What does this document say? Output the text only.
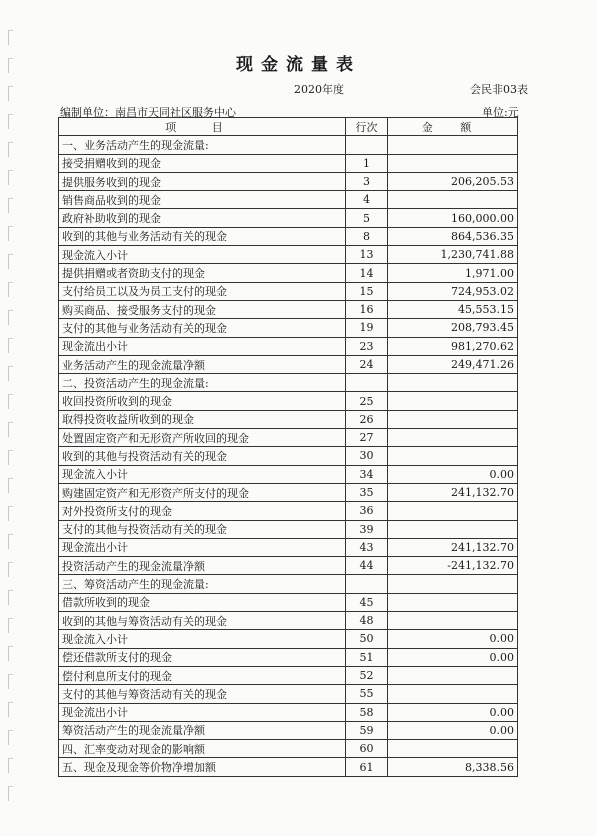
现金流量表
2020年度	会民非03表
编制单位：南昌市天同社区服务中心	单位:元
项 目	行次	金 额
一、业务活动产生的现金流量:		
接受捐赠收到的现金	1	
提供服务收到的现金	3	206,205.53
销售商品收到的现金	4	
政府补助收到的现金	5	160,000.00
收到的其他与业务活动有关的现金	8	864,536.35
现金流入小计	13	1,230,741.88
提供捐赠或者资助支付的现金	14	1,971.00
支付给员工以及为员工支付的现金	15	724,953.02
购买商品、接受服务支付的现金	16	45,553.15
支付的其他与业务活动有关的现金	19	208,793.45
现金流出小计	23	981,270.62
业务活动产生的现金流量净额	24	249,471.26
二、投资活动产生的现金流量:		
收回投资所收到的现金	25	
取得投资收益所收到的现金	26	
处置固定资产和无形资产所收回的现金	27	
收到的其他与投资活动有关的现金	30	
现金流入小计	34	0.00
购建固定资产和无形资产所支付的现金	35	241,132.70
对外投资所支付的现金	36	
支付的其他与投资活动有关的现金	39	
现金流出小计	43	241,132.70
投资活动产生的现金流量净额	44	-241,132.70
三、筹资活动产生的现金流量:		
借款所收到的现金	45	
收到的其他与筹资活动有关的现金	48	
现金流入小计	50	0.00
偿还借款所支付的现金	51	0.00
偿付利息所支付的现金	52	
支付的其他与筹资活动有关的现金	55	
现金流出小计	58	0.00
筹资活动产生的现金流量净额	59	0.00
四、汇率变动对现金的影响额	60	
五、现金及现金等价物净增加额	61	8,338.56
